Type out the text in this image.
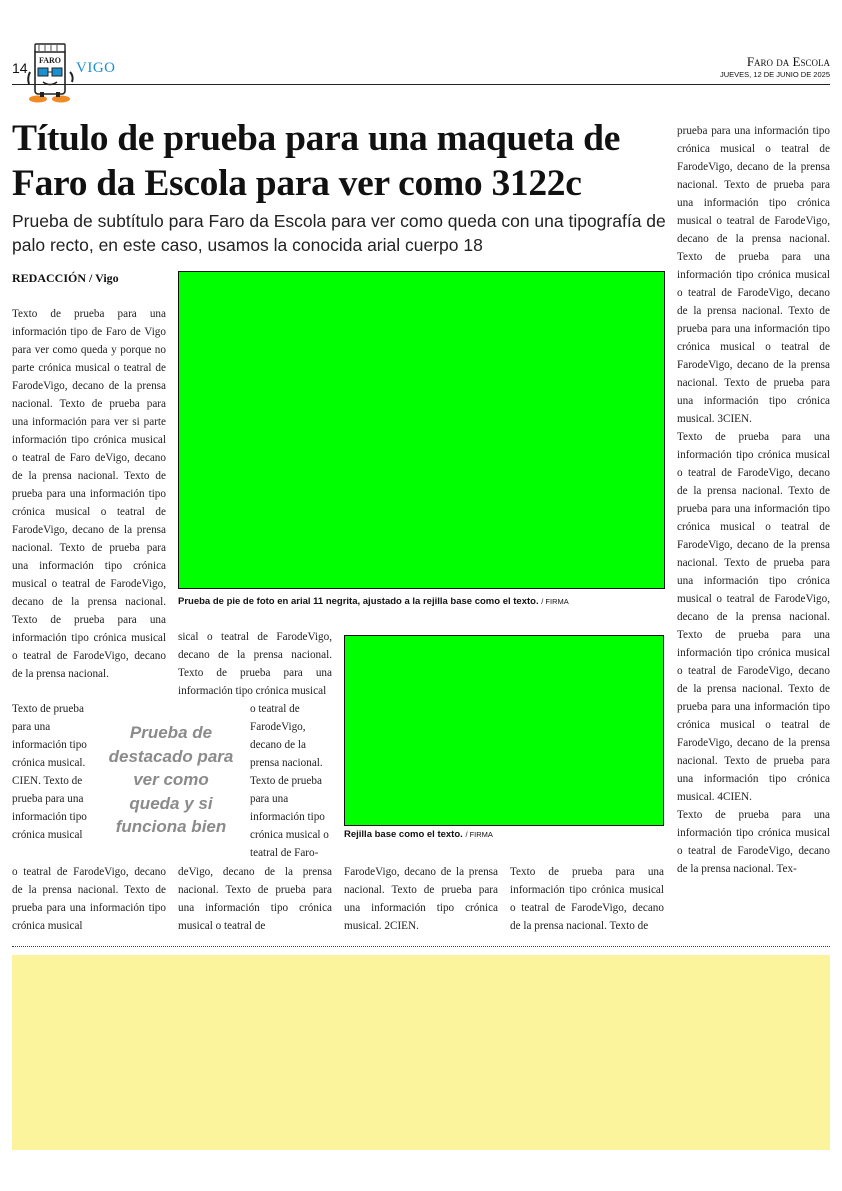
14 FARO VIGO	Faro da Escola
JUEVES, 12 DE JUNIO DE 2025
Título de prueba para una maqueta de Faro da Escola para ver como 3122c
Prueba de subtítulo para Faro da Escola para ver como queda con una tipografía de palo recto, en este caso, usamos la conocida arial cuerpo 18
REDACCIÓN / Vigo
Prueba de pie de foto en arial 11 negrita, ajustado a la rejilla base como el texto. / FIRMA
Rejilla base como el texto. / FIRMA

Texto de prueba para una información tipo de Faro de Vigo para ver como queda y porque no parte crónica musical o teatral de FarodeVigo, decano de la prensa nacional. Texto de prueba para una información para ver si parte información tipo crónica musical o teatral de Faro deVigo, decano de la prensa nacional. Texto de prueba para una información tipo crónica musical o teatral de FarodeVigo, decano de la prensa nacional. Texto de prueba para una información tipo crónica musical o teatral de FarodeVigo, decano de la prensa nacional. Texto de prueba para una información tipo crónica musical o teatral de FarodeVigo, decano de la prensa nacional.

Texto de prueba para una información tipo crónica musical. CIEN. Texto de prueba para una información tipo crónica musical

o teatral de FarodeVigo, decano de la prensa nacional. Texto de prueba para una información tipo crónica musical

sical o teatral de FarodeVigo, decano de la prensa nacional. Texto de prueba para una información tipo crónica musical

o teatral de FarodeVigo, decano de la prensa nacional. Texto de prueba para una información tipo crónica musical o teatral de Faro-

deVigo, decano de la prensa nacional. Texto de prueba para una información tipo crónica musical o teatral de

Prueba de destacado para ver como queda y si funciona bien

FarodeVigo, decano de la prensa nacional. Texto de prueba para una información tipo crónica musical. 2CIEN.

Texto de prueba para una información tipo crónica musical o teatral de FarodeVigo, decano de la prensa nacional. Texto de

prueba para una información tipo crónica musical o teatral de FarodeVigo, decano de la prensa nacional. Texto de prueba para una información tipo crónica musical o teatral de FarodeVigo, decano de la prensa nacional. Texto de prueba para una información tipo crónica musical o teatral de FarodeVigo, decano de la prensa nacional. Texto de prueba para una información tipo crónica musical o teatral de FarodeVigo, decano de la prensa nacional. Texto de prueba para una información tipo crónica musical. 3CIEN.

Texto de prueba para una información tipo crónica musical o teatral de FarodeVigo, decano de la prensa nacional. Texto de prueba para una información tipo crónica musical o teatral de FarodeVigo, decano de la prensa nacional. Texto de prueba para una información tipo crónica musical o teatral de FarodeVigo, decano de la prensa nacional. Texto de prueba para una información tipo crónica musical o teatral de FarodeVigo, decano de la prensa nacional. Texto de prueba para una información tipo crónica musical o teatral de FarodeVigo, decano de la prensa nacional. Texto de prueba para una información tipo crónica musical. 4CIEN.

Texto de prueba para una información tipo crónica musical o teatral de FarodeVigo, decano de la prensa nacional. Tex-
